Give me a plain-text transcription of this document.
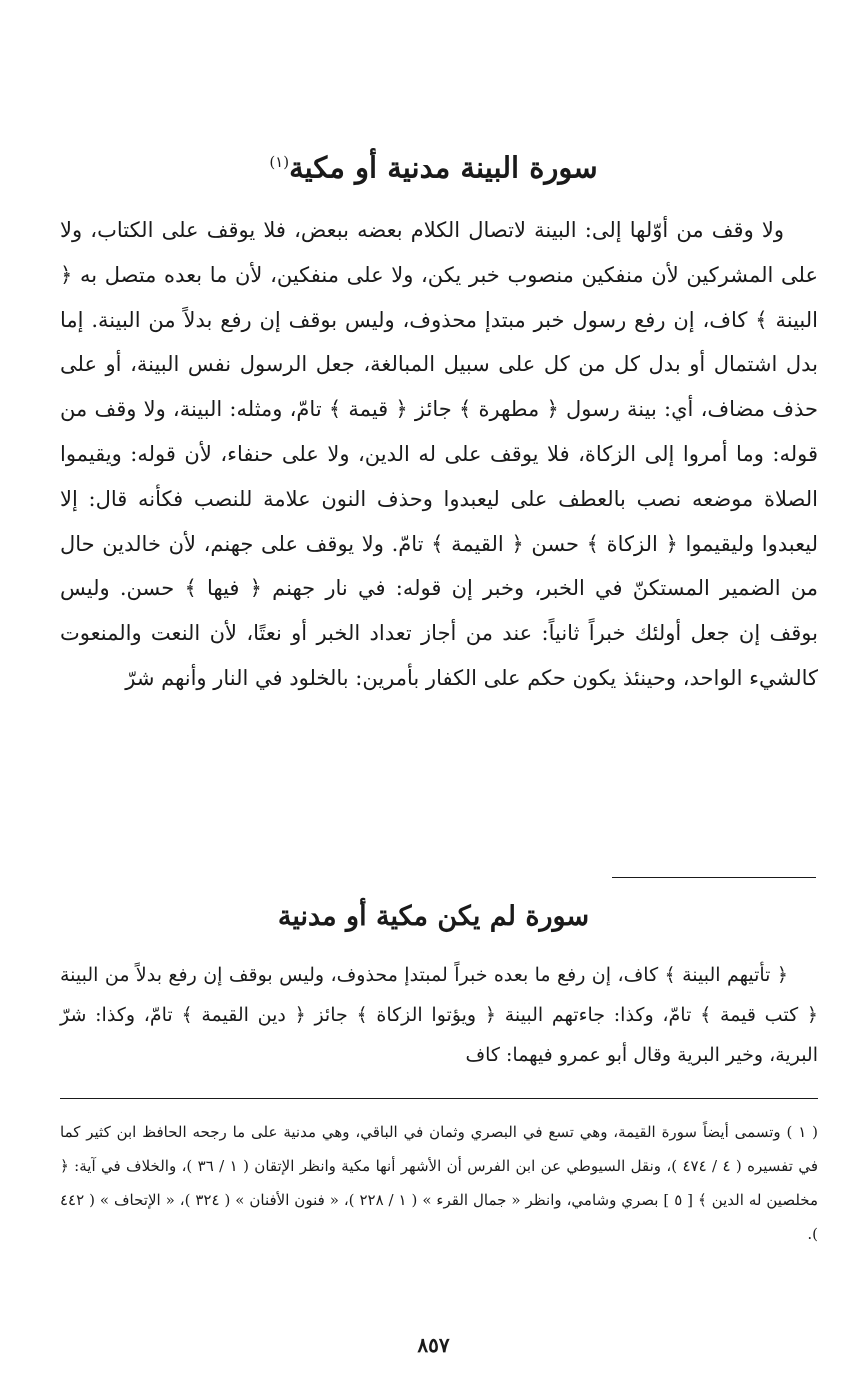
سورة البينة مدنية أو مكية$^{(١)}$

ولا وقف من أوّلها إلى: البينة لاتصال الكلام بعضه ببعض، فلا يوقف على الكتاب، ولا على المشركين لأن منفكين منصوب خبر يكن، ولا على منفكين، لأن ما بعده متصل به ﴿ البينة ﴾ كاف، إن رفع رسول خبر مبتدإ محذوف، وليس بوقف إن رفع بدلاً من البينة. إما بدل اشتمال أو بدل كل من كل على سبيل المبالغة، جعل الرسول نفس البينة، أو على حذف مضاف، أي: بينة رسول ﴿ مطهرة ﴾ جائز ﴿ قيمة ﴾ تامّ، ومثله: البينة، ولا وقف من قوله: وما أمروا إلى الزكاة، فلا يوقف على له الدين، ولا على حنفاء، لأن قوله: ويقيموا الصلاة موضعه نصب بالعطف على ليعبدوا وحذف النون علامة للنصب فكأنه قال: إلا ليعبدوا وليقيموا ﴿ الزكاة ﴾ حسن ﴿ القيمة ﴾ تامّ. ولا يوقف على جهنم، لأن خالدين حال من الضمير المستكنّ في الخبر، وخبر إن قوله: في نار جهنم ﴿ فيها ﴾ حسن. وليس بوقف إن جعل أولئك خبراً ثانياً: عند من أجاز تعداد الخبر أو نعتًا، لأن النعت والمنعوت كالشيء الواحد، وحينئذ يكون حكم على الكفار بأمرين: بالخلود في النار وأنهم شرّ

سورة لم يكن مكية أو مدنية

﴿ تأتيهم البينة ﴾ كاف، إن رفع ما بعده خبراً لمبتدإ محذوف، وليس بوقف إن رفع بدلاً من البينة ﴿ كتب قيمة ﴾ تامّ، وكذا: جاءتهم البينة ﴿ ويؤتوا الزكاة ﴾ جائز ﴿ دين القيمة ﴾ تامّ، وكذا: شرّ البرية، وخير البرية وقال أبو عمرو فيهما: كاف

( ١ ) وتسمى أيضاً سورة القيمة، وهي تسع في البصري وثمان في الباقي، وهي مدنية على ما رجحه الحافظ ابن كثير كما في تفسيره ( ٤ / ٤٧٤ )، ونقل السيوطي عن ابن الفرس أن الأشهر أنها مكية وانظر الإتقان ( ١ / ٣٦ )، والخلاف في آية: ﴿ مخلصين له الدين ﴾ [ ٥ ] بصري وشامي، وانظر « جمال القرء » ( ١ / ٢٢٨ )، « فنون الأفنان » ( ٣٢٤ )، « الإتحاف » ( ٤٤٢ ).

٨٥٧
